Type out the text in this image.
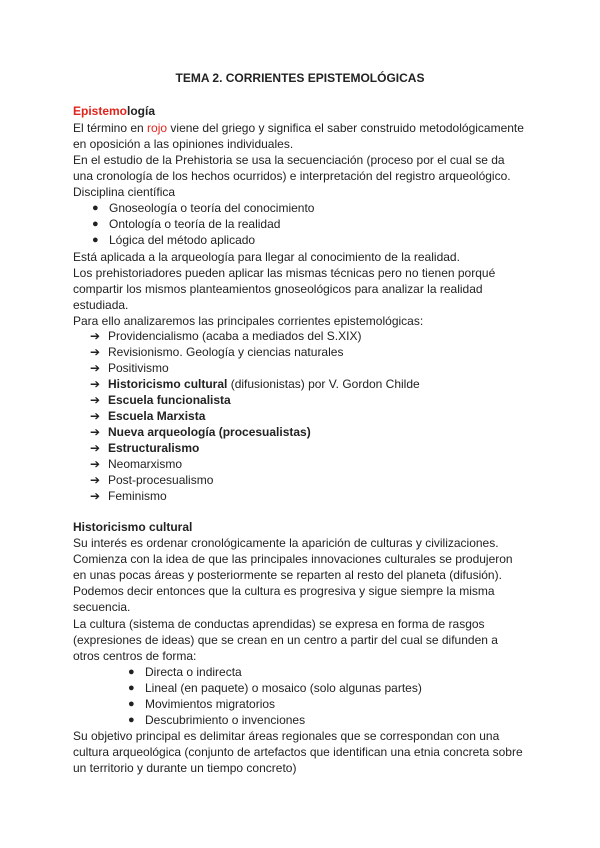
TEMA 2. CORRIENTES EPISTEMOLÓGICAS
Epistemología
El término en rojo viene del griego y significa el saber construido metodológicamente
en oposición a las opiniones individuales.
En el estudio de la Prehistoria se usa la secuenciación (proceso por el cual se da
una cronología de los hechos ocurridos) e interpretación del registro arqueológico.
Disciplina científica
● Gnoseología o teoría del conocimiento
● Ontología o teoría de la realidad
● Lógica del método aplicado
Está aplicada a la arqueología para llegar al conocimiento de la realidad.
Los prehistoriadores pueden aplicar las mismas técnicas pero no tienen porqué
compartir los mismos planteamientos gnoseológicos para analizar la realidad
estudiada.
Para ello analizaremos las principales corrientes epistemológicas:
➔ Providencialismo (acaba a mediados del S.XIX)
➔ Revisionismo. Geología y ciencias naturales
➔ Positivismo
➔ Historicismo cultural (difusionistas) por V. Gordon Childe
➔ Escuela funcionalista
➔ Escuela Marxista
➔ Nueva arqueología (procesualistas)
➔ Estructuralismo
➔ Neomarxismo
➔ Post-procesualismo
➔ Feminismo
Historicismo cultural
Su interés es ordenar cronológicamente la aparición de culturas y civilizaciones.
Comienza con la idea de que las principales innovaciones culturales se produjeron
en unas pocas áreas y posteriormente se reparten al resto del planeta (difusión).
Podemos decir entonces que la cultura es progresiva y sigue siempre la misma
secuencia.
La cultura (sistema de conductas aprendidas) se expresa en forma de rasgos
(expresiones de ideas) que se crean en un centro a partir del cual se difunden a
otros centros de forma:
● Directa o indirecta
● Lineal (en paquete) o mosaico (solo algunas partes)
● Movimientos migratorios
● Descubrimiento o invenciones
Su objetivo principal es delimitar áreas regionales que se correspondan con una
cultura arqueológica (conjunto de artefactos que identifican una etnia concreta sobre
un territorio y durante un tiempo concreto)
